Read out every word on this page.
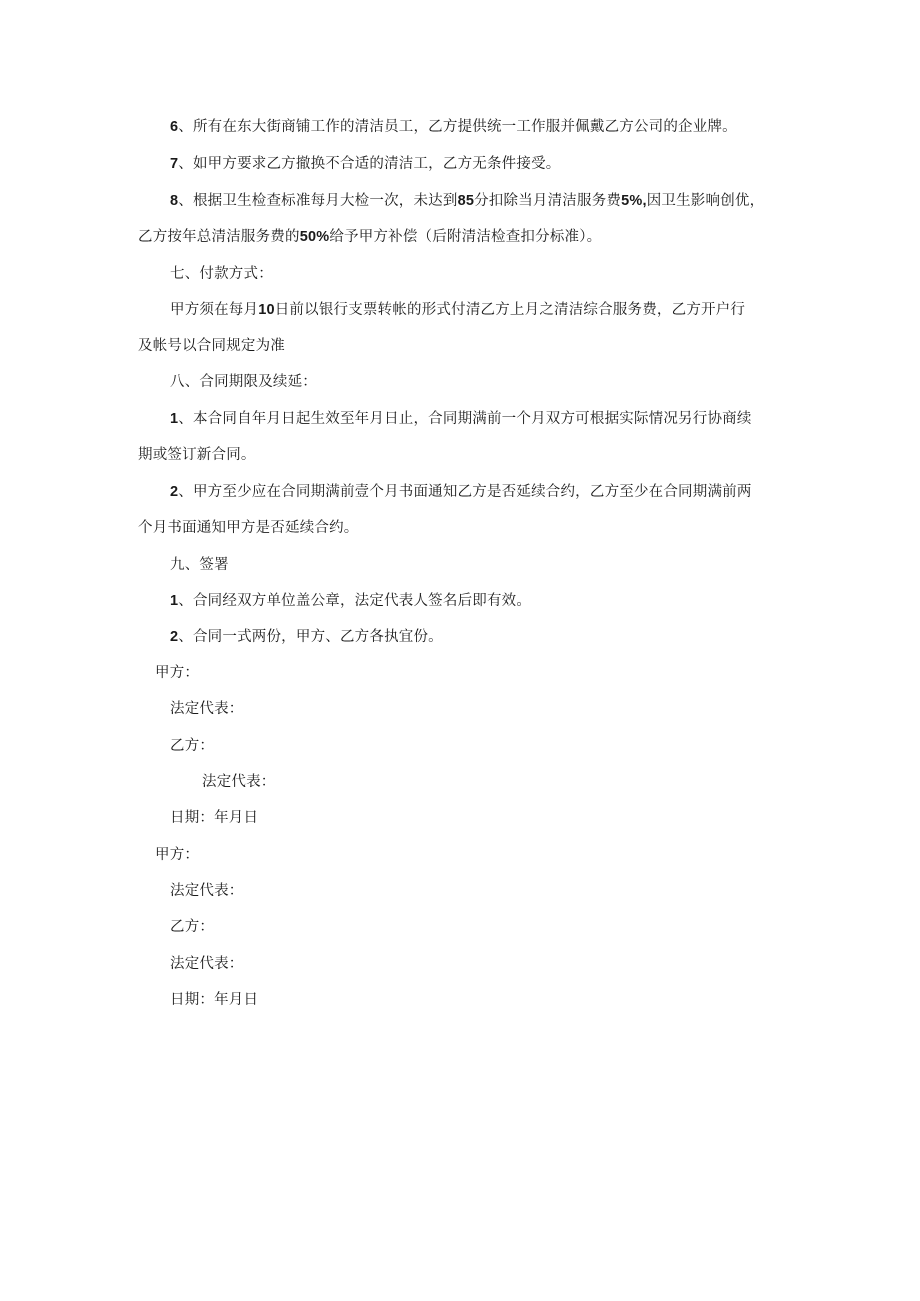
6、所有在东大街商铺工作的清洁员工，乙方提供统一工作服并佩戴乙方公司的企业牌。
7、如甲方要求乙方撤换不合适的清洁工，乙方无条件接受。
8、根据卫生检查标准每月大检一次，未达到85分扣除当月清洁服务费5%,因卫生影响创优，
乙方按年总清洁服务费的50%给予甲方补偿（后附清洁检查扣分标准）。
七、付款方式：
甲方须在每月10日前以银行支票转帐的形式付清乙方上月之清洁综合服务费，乙方开户行
及帐号以合同规定为准
八、合同期限及续延：
1、本合同自年月日起生效至年月日止，合同期满前一个月双方可根据实际情况另行协商续
期或签订新合同。
2、甲方至少应在合同期满前壹个月书面通知乙方是否延续合约，乙方至少在合同期满前两
个月书面通知甲方是否延续合约。
九、签署
1、合同经双方单位盖公章，法定代表人签名后即有效。
2、合同一式两份，甲方、乙方各执宜份。
甲方：
法定代表：
乙方：
法定代表：
日期：年月日
甲方：
法定代表：
乙方：
法定代表：
日期：年月日
